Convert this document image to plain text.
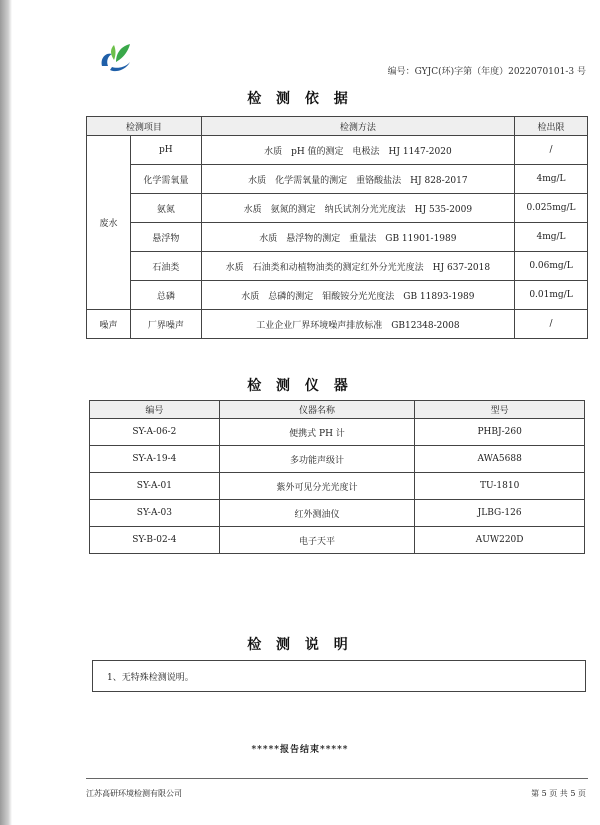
编号：GYJC(环)字第（年度）2022070101-3 号
检 测 依 据
检测项目		检测方法	检出限
废水	pH	水质　pH 值的测定　电极法　HJ 1147-2020	/
	化学需氧量	水质　化学需氧量的测定　重铬酸盐法　HJ 828-2017	4mg/L
	氨氮	水质　氨氮的测定　纳氏试剂分光光度法　HJ 535-2009	0.025mg/L
	悬浮物	水质　悬浮物的测定　重量法　GB 11901-1989	4mg/L
	石油类	水质　石油类和动植物油类的测定红外分光光度法　HJ 637-2018	0.06mg/L
	总磷	水质　总磷的测定　钼酸铵分光光度法　GB 11893-1989	0.01mg/L
噪声	厂界噪声	工业企业厂界环境噪声排放标准　GB12348-2008	/
检 测 仪 器
编号	仪器名称	型号
SY-A-06-2	便携式 PH 计	PHBJ-260
SY-A-19-4	多功能声级计	AWA5688
SY-A-01	紫外可见分光光度计	TU-1810
SY-A-03	红外测油仪	JLBG-126
SY-B-02-4	电子天平	AUW220D
检 测 说 明
1、无特殊检测说明。
*****报告结束*****
江苏高研环境检测有限公司	第 5 页 共 5 页
